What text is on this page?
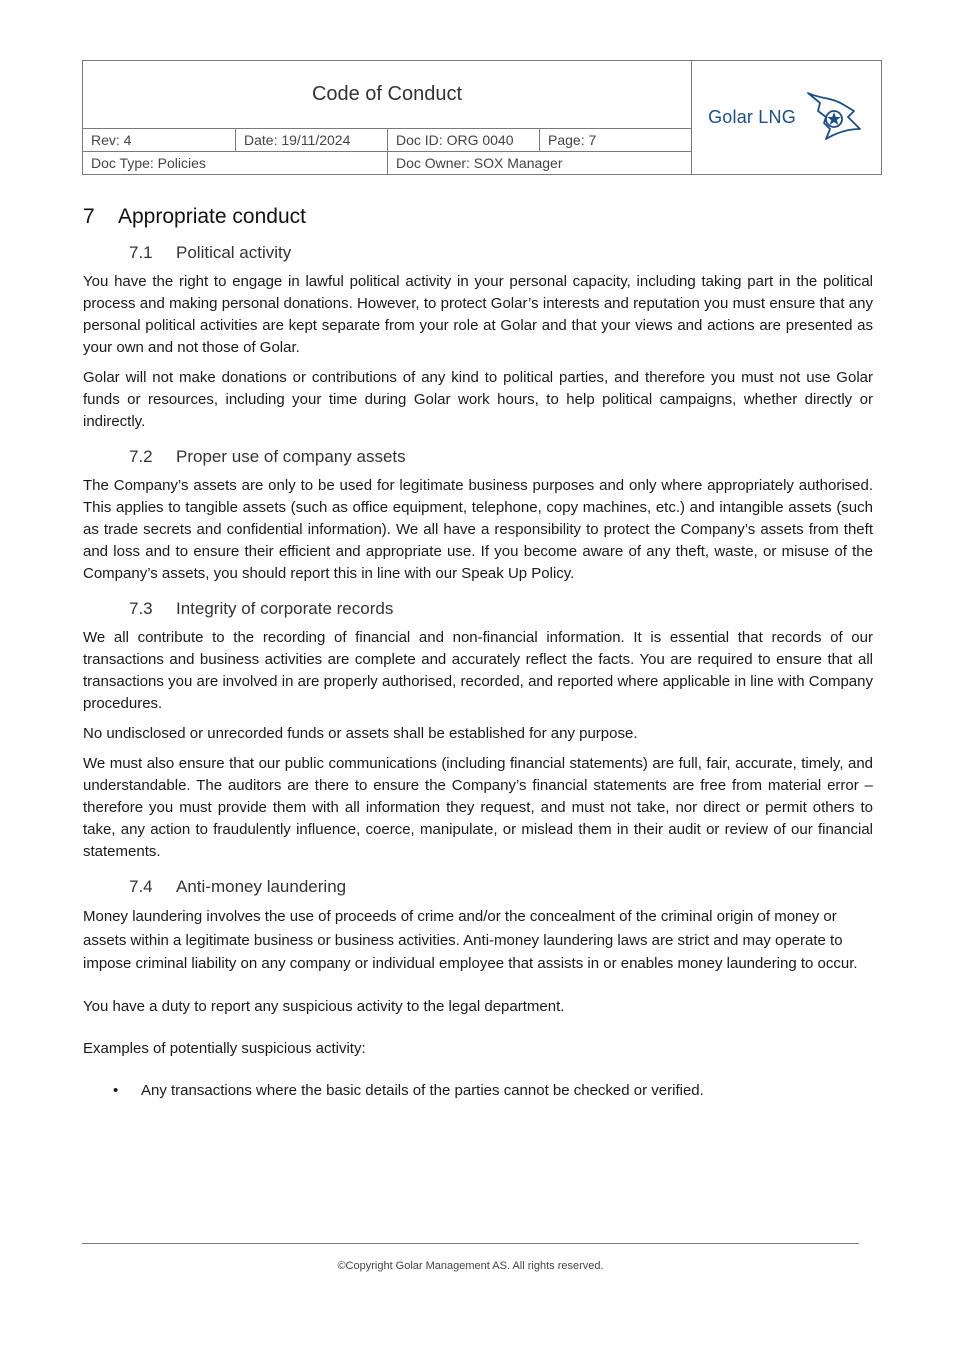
Code of Conduct
Rev: 4	Date: 19/11/2024	Doc ID: ORG 0040	Page: 7
Doc Type: Policies	Doc Owner: SOX Manager
Golar LNG
7	Appropriate conduct
7.1	Political activity

You have the right to engage in lawful political activity in your personal capacity, including taking part in the political process and making personal donations. However, to protect Golar’s interests and reputation you must ensure that any personal political activities are kept separate from your role at Golar and that your views and actions are presented as your own and not those of Golar.

Golar will not make donations or contributions of any kind to political parties, and therefore you must not use Golar funds or resources, including your time during Golar work hours, to help political campaigns, whether directly or indirectly.

7.2	Proper use of company assets

The Company’s assets are only to be used for legitimate business purposes and only where appropriately authorised. This applies to tangible assets (such as office equipment, telephone, copy machines, etc.) and intangible assets (such as trade secrets and confidential information). We all have a responsibility to protect the Company’s assets from theft and loss and to ensure their efficient and appropriate use. If you become aware of any theft, waste, or misuse of the Company’s assets, you should report this in line with our Speak Up Policy.

7.3	Integrity of corporate records

We all contribute to the recording of financial and non-financial information. It is essential that records of our transactions and business activities are complete and accurately reflect the facts. You are required to ensure that all transactions you are involved in are properly authorised, recorded, and reported where applicable in line with Company procedures.

No undisclosed or unrecorded funds or assets shall be established for any purpose.

We must also ensure that our public communications (including financial statements) are full, fair, accurate, timely, and understandable. The auditors are there to ensure the Company’s financial statements are free from material error – therefore you must provide them with all information they request, and must not take, nor direct or permit others to take, any action to fraudulently influence, coerce, manipulate, or mislead them in their audit or review of our financial statements.

7.4	Anti-money laundering

Money laundering involves the use of proceeds of crime and/or the concealment of the criminal origin of money or assets within a legitimate business or business activities. Anti-money laundering laws are strict and may operate to impose criminal liability on any company or individual employee that assists in or enables money laundering to occur.

You have a duty to report any suspicious activity to the legal department.

Examples of potentially suspicious activity:

• Any transactions where the basic details of the parties cannot be checked or verified.
©Copyright Golar Management AS. All rights reserved.
